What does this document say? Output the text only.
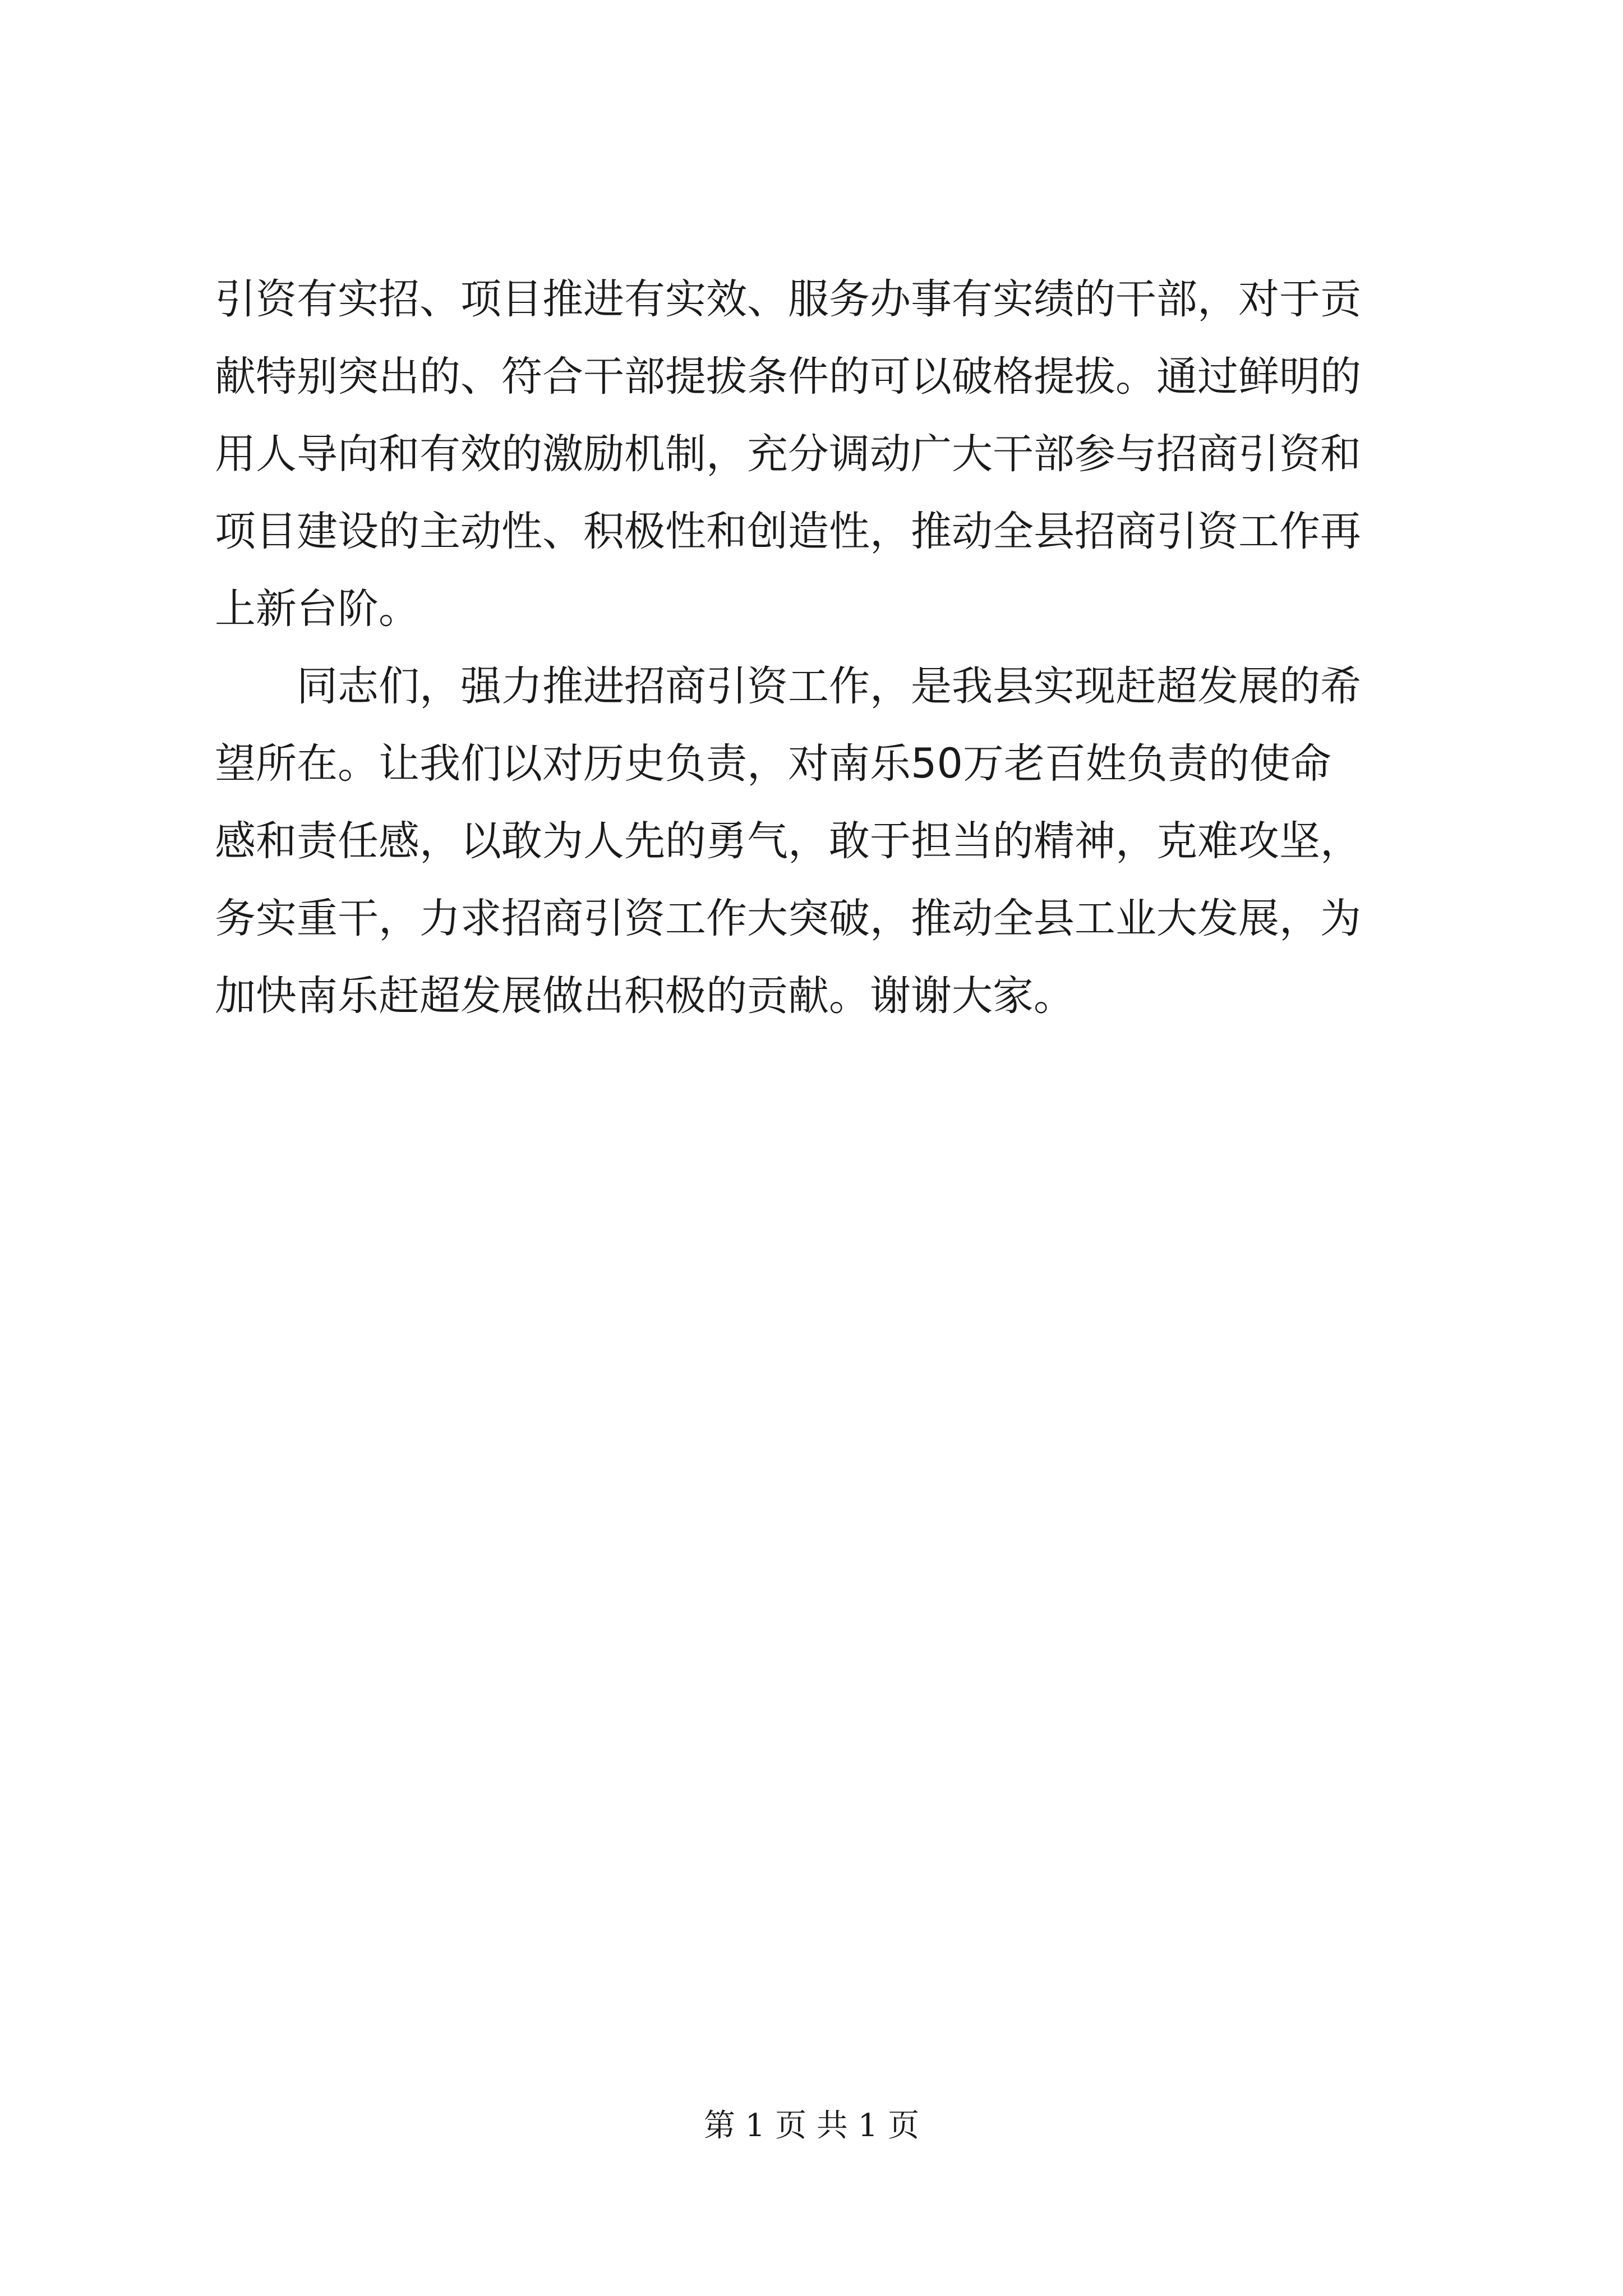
引资有实招、项目推进有实效、服务办事有实绩的干部，对于贡
献特别突出的、符合干部提拔条件的可以破格提拔。通过鲜明的
用人导向和有效的激励机制，充分调动广大干部参与招商引资和
项目建设的主动性、积极性和创造性，推动全县招商引资工作再
上新台阶。
　　同志们，强力推进招商引资工作，是我县实现赶超发展的希
望所在。让我们以对历史负责，对南乐50万老百姓负责的使命
感和责任感，以敢为人先的勇气，敢于担当的精神，克难攻坚，
务实重干，力求招商引资工作大突破，推动全县工业大发展，为
加快南乐赶超发展做出积极的贡献。谢谢大家。
第 1 页 共 1 页
